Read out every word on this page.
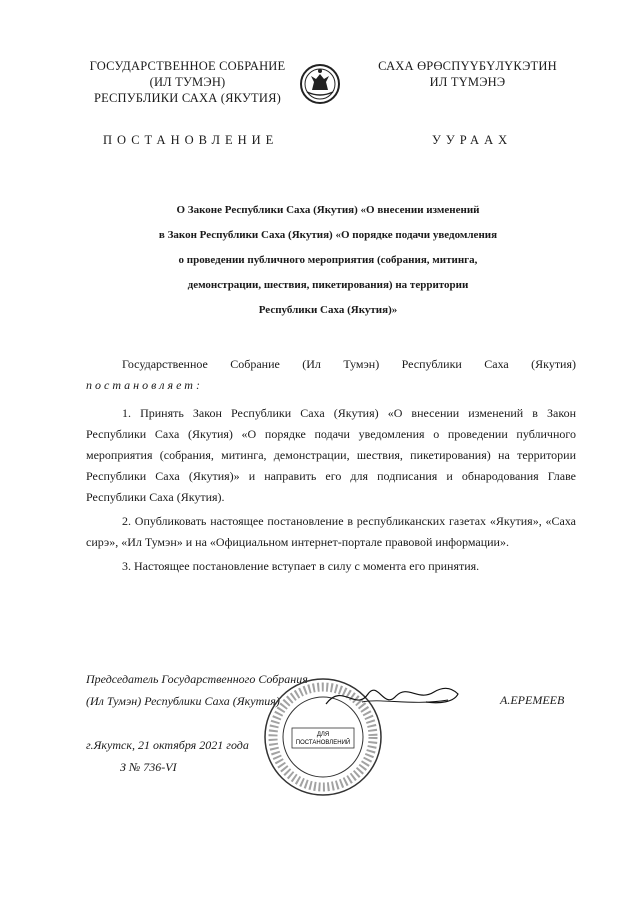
ГОСУДАРСТВЕННОЕ СОБРАНИЕ
(ИЛ ТУМЭН)
РЕСПУБЛИКИ САХА (ЯКУТИЯ)
САХА ӨРӨСПҮҮБҮЛҮКЭТИН
ИЛ ТҮМЭНЭ
ПОСТАНОВЛЕНИЕ	УУРААХ
О Законе Республики Саха (Якутия) «О внесении изменений
в Закон Республики Саха (Якутия) «О порядке подачи уведомления
о проведении публичного мероприятия (собрания, митинга,
демонстрации, шествия, пикетирования) на территории
Республики Саха (Якутия)»
Государственное Собрание (Ил Тумэн) Республики Саха (Якутия) постановляет:
1. Принять Закон Республики Саха (Якутия) «О внесении изменений в Закон Республики Саха (Якутия) «О порядке подачи уведомления о проведении публичного мероприятия (собрания, митинга, демонстрации, шествия, пикетирования) на территории Республики Саха (Якутия)» и направить его для подписания и обнародования Главе Республики Саха (Якутия).
2. Опубликовать настоящее постановление в республиканских газетах «Якутия», «Саха сирэ», «Ил Тумэн» и на «Официальном интернет-портале правовой информации».
3. Настоящее постановление вступает в силу с момента его принятия.
Председатель Государственного Собрания
(Ил Тумэн) Республики Саха (Якутия)	А.ЕРЕМЕЕВ
г.Якутск, 21 октября 2021 года
З № 736-VI
ДЛЯ
ПОСТАНОВЛЕНИЙ
